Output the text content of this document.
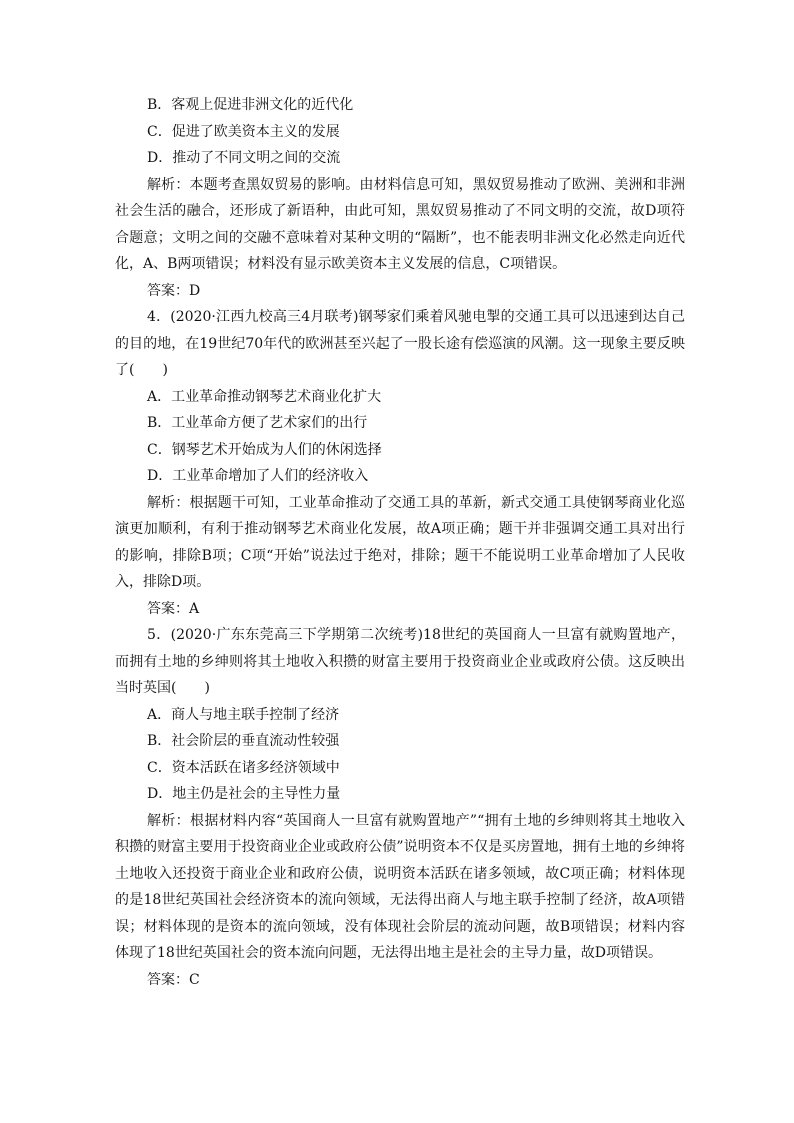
B．客观上促进非洲文化的近代化
C．促进了欧美资本主义的发展
D．推动了不同文明之间的交流

解析：本题考查黑奴贸易的影响。由材料信息可知，黑奴贸易推动了欧洲、美洲和非洲社会生活的融合，还形成了新语种，由此可知，黑奴贸易推动了不同文明的交流，故D项符合题意；文明之间的交融不意味着对某种文明的“隔断”，也不能表明非洲文化必然走向近代化，A、B两项错误；材料没有显示欧美资本主义发展的信息，C项错误。

答案：D

4．(2020·江西九校高三4月联考)钢琴家们乘着风驰电掣的交通工具可以迅速到达自己的目的地，在19世纪70年代的欧洲甚至兴起了一股长途有偿巡演的风潮。这一现象主要反映了(　　)

A．工业革命推动钢琴艺术商业化扩大
B．工业革命方便了艺术家们的出行
C．钢琴艺术开始成为人们的休闲选择
D．工业革命增加了人们的经济收入

解析：根据题干可知，工业革命推动了交通工具的革新，新式交通工具使钢琴商业化巡演更加顺利，有利于推动钢琴艺术商业化发展，故A项正确；题干并非强调交通工具对出行的影响，排除B项；C项“开始”说法过于绝对，排除；题干不能说明工业革命增加了人民收入，排除D项。

答案：A

5．(2020·广东东莞高三下学期第二次统考)18世纪的英国商人一旦富有就购置地产，而拥有土地的乡绅则将其土地收入积攒的财富主要用于投资商业企业或政府公债。这反映出当时英国(　　)

A．商人与地主联手控制了经济
B．社会阶层的垂直流动性较强
C．资本活跃在诸多经济领域中
D．地主仍是社会的主导性力量

解析：根据材料内容“英国商人一旦富有就购置地产”“拥有土地的乡绅则将其土地收入积攒的财富主要用于投资商业企业或政府公债”说明资本不仅是买房置地，拥有土地的乡绅将土地收入还投资于商业企业和政府公债，说明资本活跃在诸多领域，故C项正确；材料体现的是18世纪英国社会经济资本的流向领域，无法得出商人与地主联手控制了经济，故A项错误；材料体现的是资本的流向领域，没有体现社会阶层的流动问题，故B项错误；材料内容体现了18世纪英国社会的资本流向问题，无法得出地主是社会的主导力量，故D项错误。

答案：C
